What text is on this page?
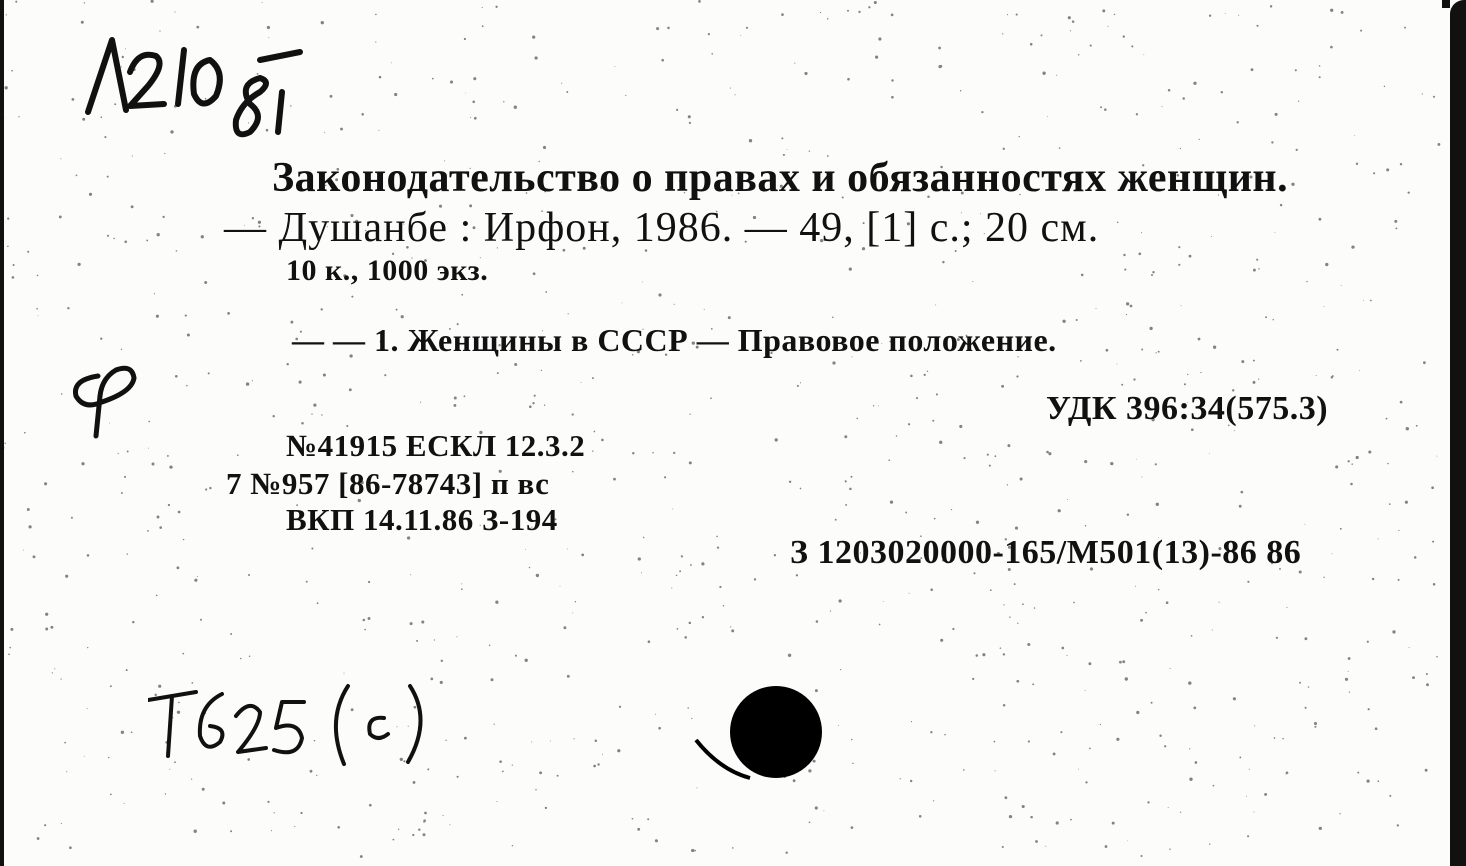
Законодательство о правах и обязанностях женщин.
— Душанбе : Ирфон, 1986. — 49, [1] с.; 20 см.
10 к., 1000 экз.
— — 1. Женщины в СССР — Правовое положение.
УДК 396:34(575.3)
№41915 ЕСКЛ 12.3.2
7 №957 [86-78743] п вс
ВКП 14.11.86 З-194
З 1203020000-165/М501(13)-86 86
